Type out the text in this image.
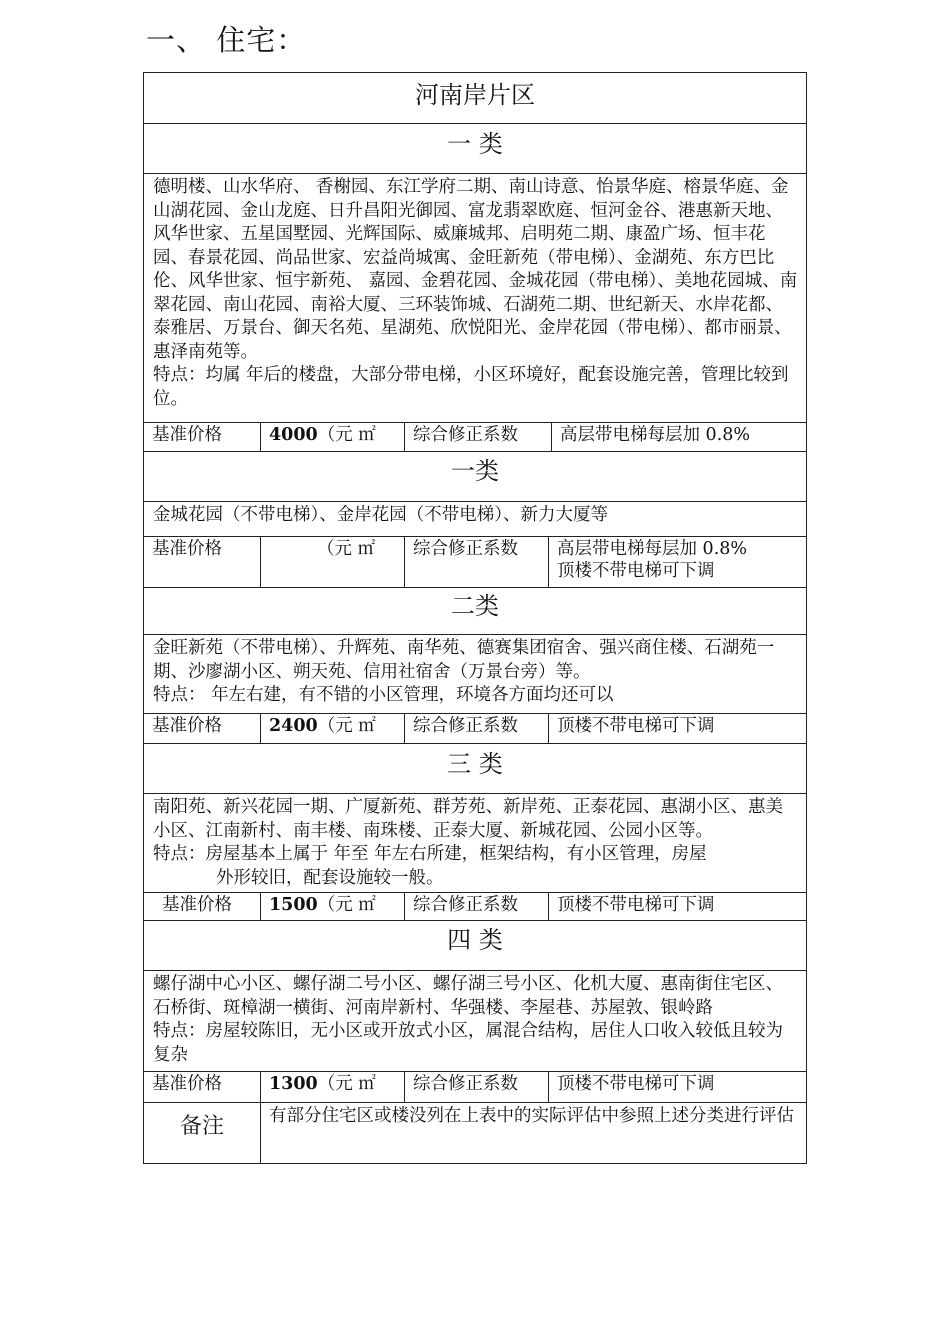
一、 住宅：
河南岸片区
一 类
德明楼、山水华府、 香榭园、东江学府二期、南山诗意、怡景华庭、榕景华庭、金山湖花园、金山龙庭、日升昌阳光御园、富龙翡翠欧庭、恒河金谷、港惠新天地、风华世家、五星国墅园、光辉国际、威廉城邦、启明苑二期、康盈广场、恒丰花园、春景花园、尚品世家、宏益尚城寓、金旺新苑（带电梯）、金湖苑、东方巴比伦、风华世家、恒宇新苑、 嘉园、金碧花园、金城花园（带电梯）、美地花园城、南翠花园、南山花园、南裕大厦、三环装饰城、石湖苑二期、世纪新天、水岸花都、泰雅居、万景台、御天名苑、星湖苑、欣悦阳光、金岸花园（带电梯）、都市丽景、惠泽南苑等。
特点：均属 年后的楼盘，大部分带电梯，小区环境好，配套设施完善，管理比较到位。
基准价格	4000（元 ㎡	综合修正系数	高层带电梯每层加 0.8%
一类
金城花园（不带电梯）、金岸花园（不带电梯）、新力大厦等
基准价格	（元 ㎡	综合修正系数	高层带电梯每层加 0.8%
顶楼不带电梯可下调
二类
金旺新苑（不带电梯）、升辉苑、南华苑、德赛集团宿舍、强兴商住楼、石湖苑一期、沙廖湖小区、朔天苑、信用社宿舍（万景台旁）等。
特点： 年左右建，有不错的小区管理，环境各方面均还可以
基准价格	2400（元 ㎡	综合修正系数	顶楼不带电梯可下调
三 类
南阳苑、新兴花园一期、广厦新苑、群芳苑、新岸苑、正泰花园、惠湖小区、惠美小区、江南新村、南丰楼、南珠楼、正泰大厦、新城花园、公园小区等。
特点：房屋基本上属于 年至 年左右所建，框架结构，有小区管理，房屋
外形较旧，配套设施较一般。
基准价格	1500（元 ㎡	综合修正系数	顶楼不带电梯可下调
四 类
螺仔湖中心小区、螺仔湖二号小区、螺仔湖三号小区、化机大厦、惠南街住宅区、石桥街、斑樟湖一横街、河南岸新村、华强楼、李屋巷、苏屋敦、银岭路
特点：房屋较陈旧，无小区或开放式小区，属混合结构，居住人口收入较低且较为复杂
基准价格	1300（元 ㎡	综合修正系数	顶楼不带电梯可下调
备注	有部分住宅区或楼没列在上表中的实际评估中参照上述分类进行评估
